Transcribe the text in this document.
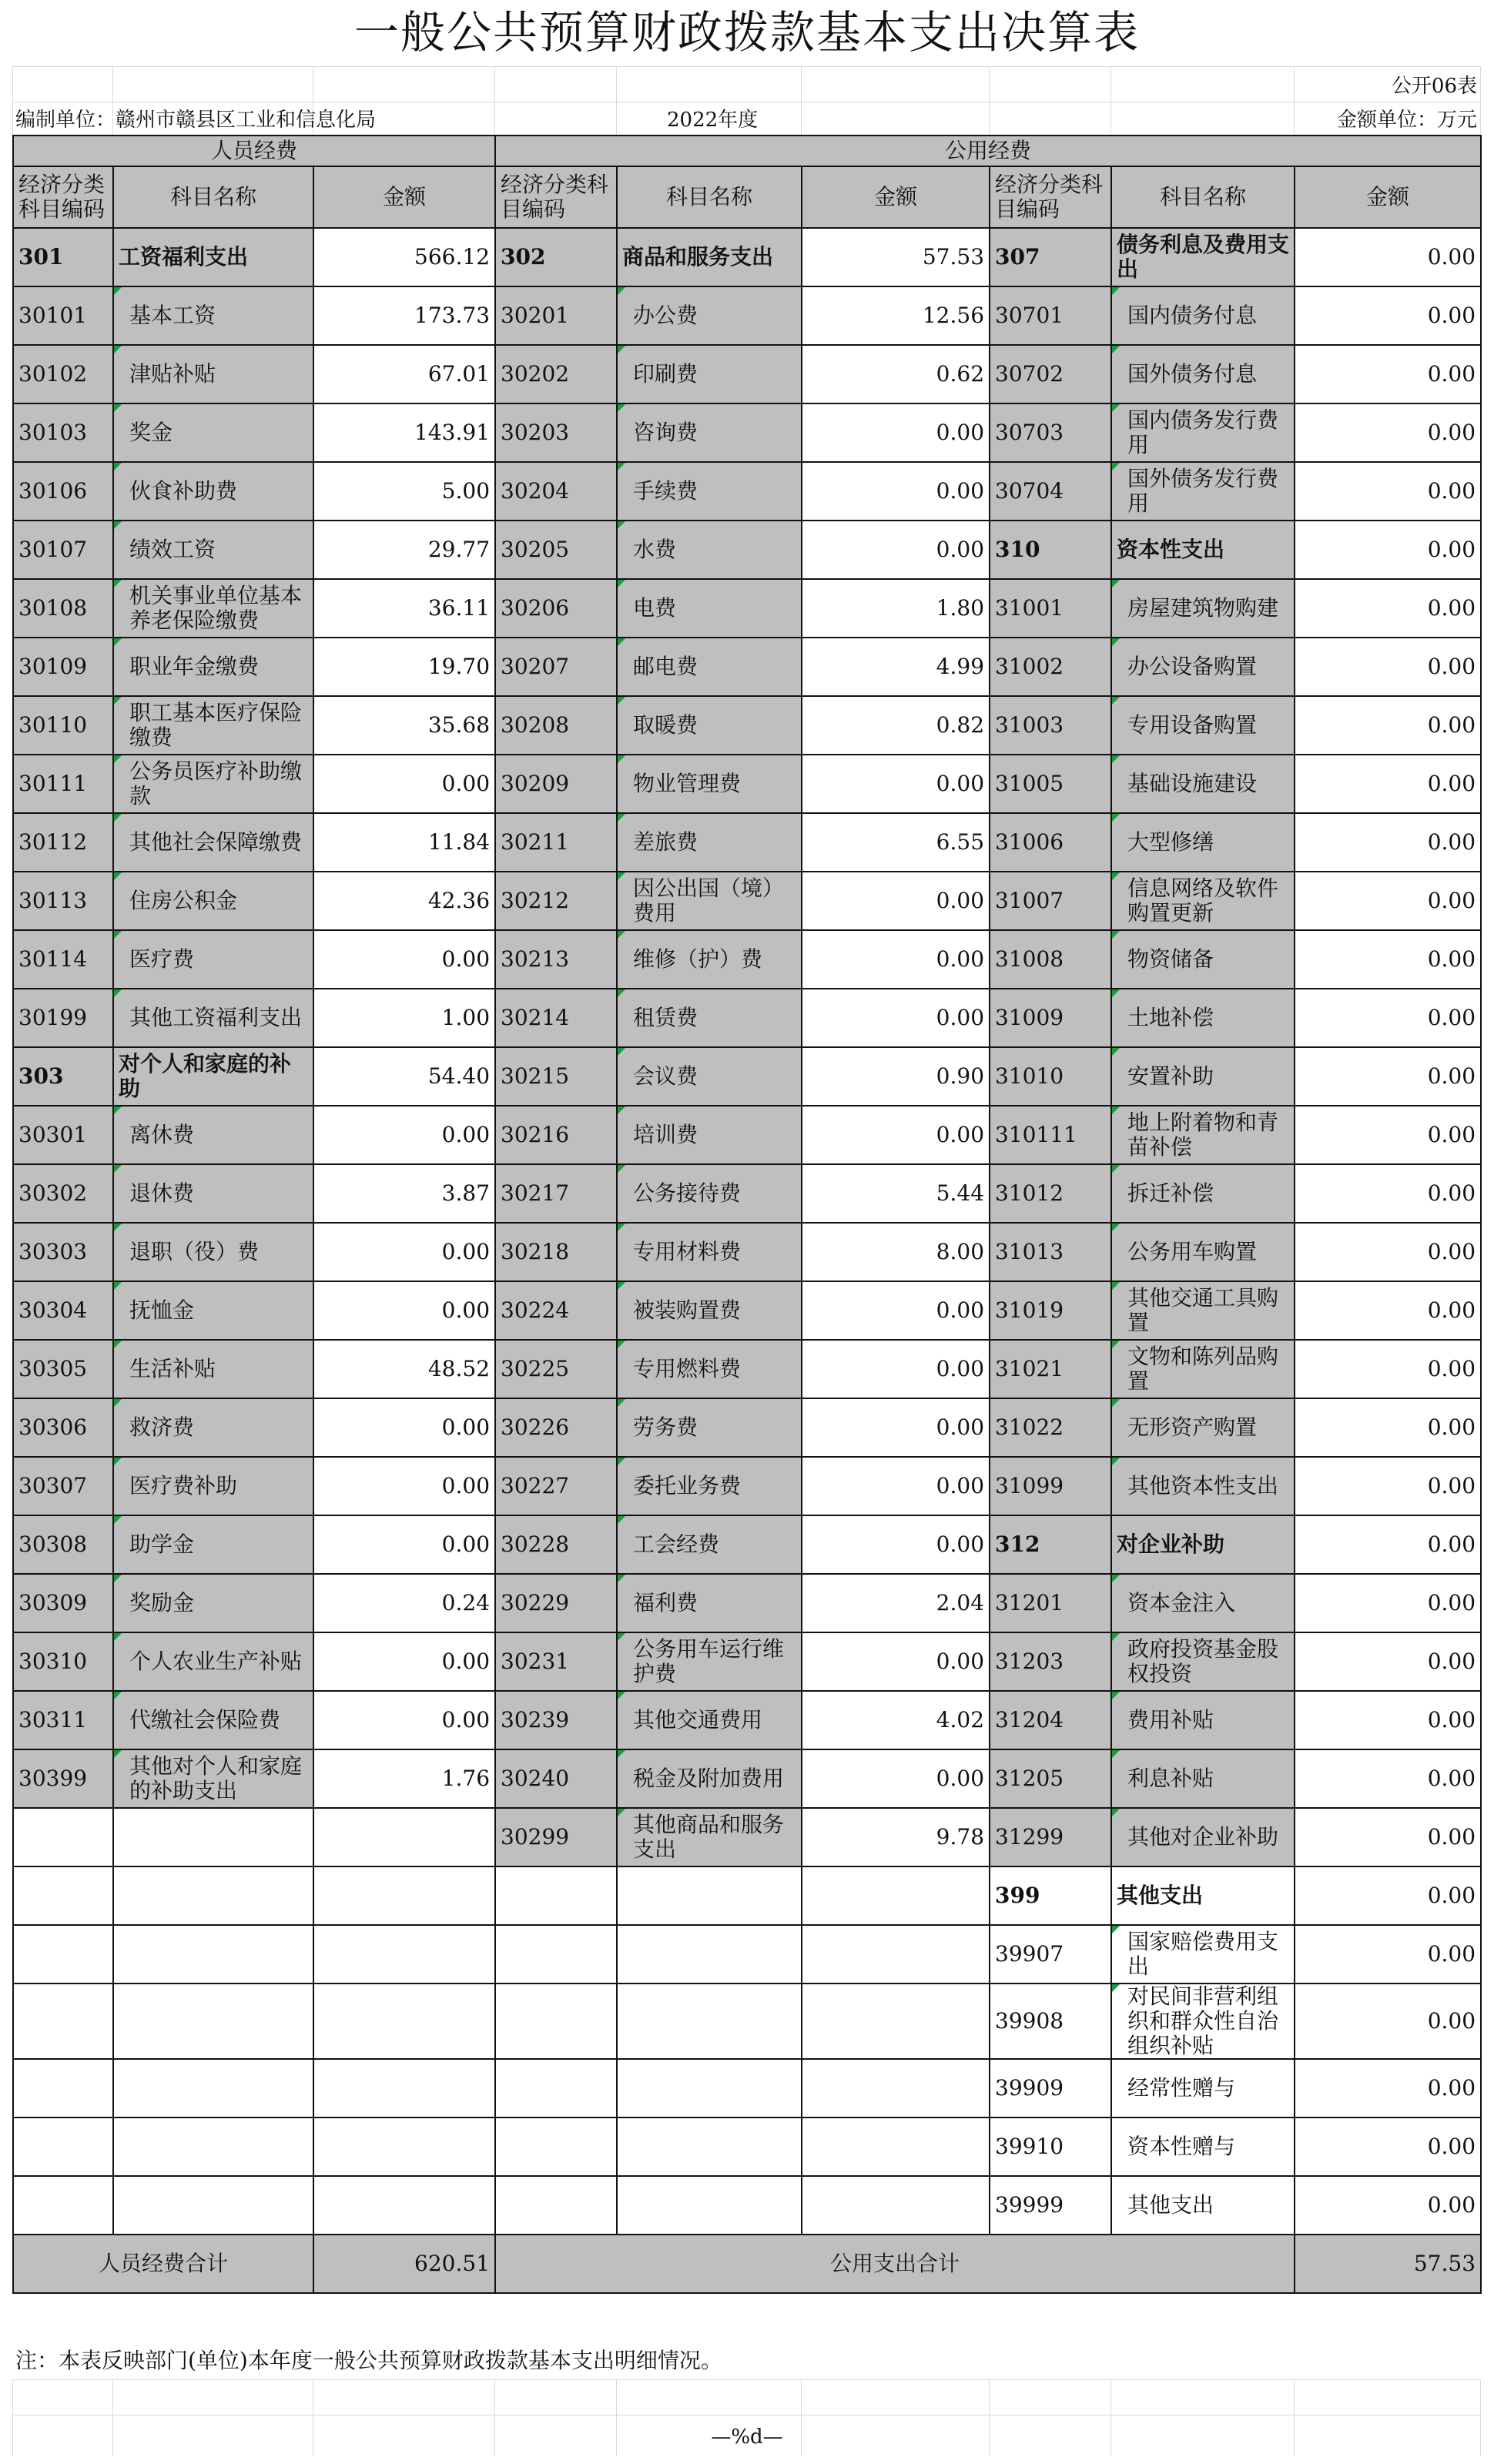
一般公共预算财政拨款基本支出决算表
公开06表
编制单位：赣州市赣县区工业和信息化局	2022年度	金额单位：万元
人员经费			公用经费					
经济分类科目编码	科目名称	金额	经济分类科目编码	科目名称	金额	经济分类科目编码	科目名称	金额
301	工资福利支出	566.12	302	商品和服务支出	57.53	307	债务利息及费用支出	0.00
30101	基本工资	173.73	30201	办公费	12.56	30701	国内债务付息	0.00
30102	津贴补贴	67.01	30202	印刷费	0.62	30702	国外债务付息	0.00
30103	奖金	143.91	30203	咨询费	0.00	30703	国内债务发行费用	0.00
30106	伙食补助费	5.00	30204	手续费	0.00	30704	国外债务发行费用	0.00
30107	绩效工资	29.77	30205	水费	0.00	310	资本性支出	0.00
30108	机关事业单位基本养老保险缴费	36.11	30206	电费	1.80	31001	房屋建筑物购建	0.00
30109	职业年金缴费	19.70	30207	邮电费	4.99	31002	办公设备购置	0.00
30110	职工基本医疗保险缴费	35.68	30208	取暖费	0.82	31003	专用设备购置	0.00
30111	公务员医疗补助缴款	0.00	30209	物业管理费	0.00	31005	基础设施建设	0.00
30112	其他社会保障缴费	11.84	30211	差旅费	6.55	31006	大型修缮	0.00
30113	住房公积金	42.36	30212	因公出国（境）费用	0.00	31007	信息网络及软件购置更新	0.00
30114	医疗费	0.00	30213	维修（护）费	0.00	31008	物资储备	0.00
30199	其他工资福利支出	1.00	30214	租赁费	0.00	31009	土地补偿	0.00
303	对个人和家庭的补助	54.40	30215	会议费	0.90	31010	安置补助	0.00
30301	离休费	0.00	30216	培训费	0.00	310111	地上附着物和青苗补偿	0.00
30302	退休费	3.87	30217	公务接待费	5.44	31012	拆迁补偿	0.00
30303	退职（役）费	0.00	30218	专用材料费	8.00	31013	公务用车购置	0.00
30304	抚恤金	0.00	30224	被装购置费	0.00	31019	其他交通工具购置	0.00
30305	生活补贴	48.52	30225	专用燃料费	0.00	31021	文物和陈列品购置	0.00
30306	救济费	0.00	30226	劳务费	0.00	31022	无形资产购置	0.00
30307	医疗费补助	0.00	30227	委托业务费	0.00	31099	其他资本性支出	0.00
30308	助学金	0.00	30228	工会经费	0.00	312	对企业补助	0.00
30309	奖励金	0.24	30229	福利费	2.04	31201	资本金注入	0.00
30310	个人农业生产补贴	0.00	30231	公务用车运行维护费	0.00	31203	政府投资基金股权投资	0.00
30311	代缴社会保险费	0.00	30239	其他交通费用	4.02	31204	费用补贴	0.00
30399	其他对个人和家庭的补助支出	1.76	30240	税金及附加费用	0.00	31205	利息补贴	0.00
			30299	其他商品和服务支出	9.78	31299	其他对企业补助	0.00
						399	其他支出	0.00
						39907	国家赔偿费用支出	0.00
						39908	对民间非营利组织和群众性自治组织补贴	0.00
						39909	经常性赠与	0.00
						39910	资本性赠与	0.00
						39999	其他支出	0.00
人员经费合计		620.51	公用支出合计					57.53
注：本表反映部门(单位)本年度一般公共预算财政拨款基本支出明细情况。
—%d—
